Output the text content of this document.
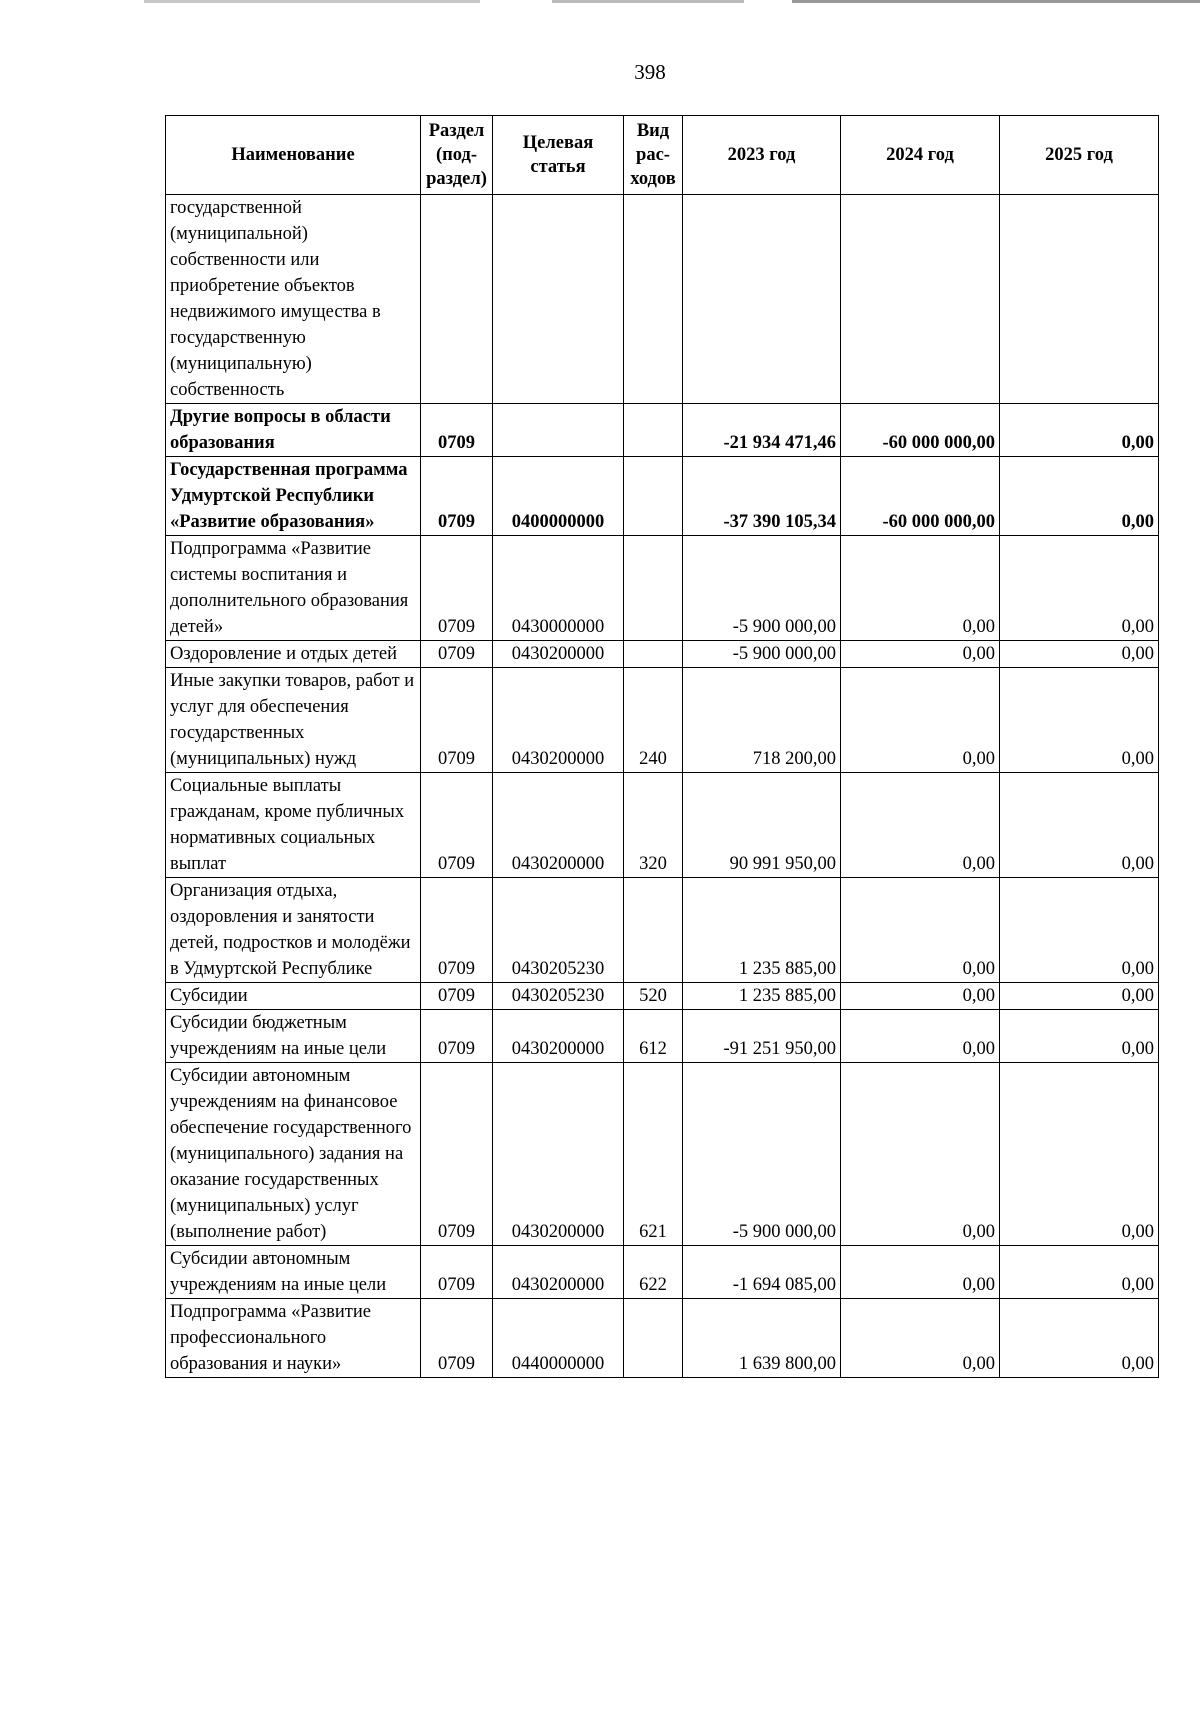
398
Наименование	Раздел (под-раздел)	Целевая статья	Вид рас-ходов	2023 год	2024 год	2025 год
государственной (муниципальной) собственности или приобретение объектов недвижимого имущества в государственную (муниципальную) собственность						
Другие вопросы в области образования	0709			-21 934 471,46	-60 000 000,00	0,00
Государственная программа Удмуртской Республики «Развитие образования»	0709	0400000000		-37 390 105,34	-60 000 000,00	0,00
Подпрограмма «Развитие системы воспитания и дополнительного образования детей»	0709	0430000000		-5 900 000,00	0,00	0,00
Оздоровление и отдых детей	0709	0430200000		-5 900 000,00	0,00	0,00
Иные закупки товаров, работ и услуг для обеспечения государственных (муниципальных) нужд	0709	0430200000	240	718 200,00	0,00	0,00
Социальные выплаты гражданам, кроме публичных нормативных социальных выплат	0709	0430200000	320	90 991 950,00	0,00	0,00
Организация отдыха, оздоровления и занятости детей, подростков и молодёжи в Удмуртской Республике	0709	0430205230		1 235 885,00	0,00	0,00
Субсидии	0709	0430205230	520	1 235 885,00	0,00	0,00
Субсидии бюджетным учреждениям на иные цели	0709	0430200000	612	-91 251 950,00	0,00	0,00
Субсидии автономным учреждениям на финансовое обеспечение государственного (муниципального) задания на оказание государственных (муниципальных) услуг (выполнение работ)	0709	0430200000	621	-5 900 000,00	0,00	0,00
Субсидии автономным учреждениям на иные цели	0709	0430200000	622	-1 694 085,00	0,00	0,00
Подпрограмма «Развитие профессионального образования и науки»	0709	0440000000		1 639 800,00	0,00	0,00
